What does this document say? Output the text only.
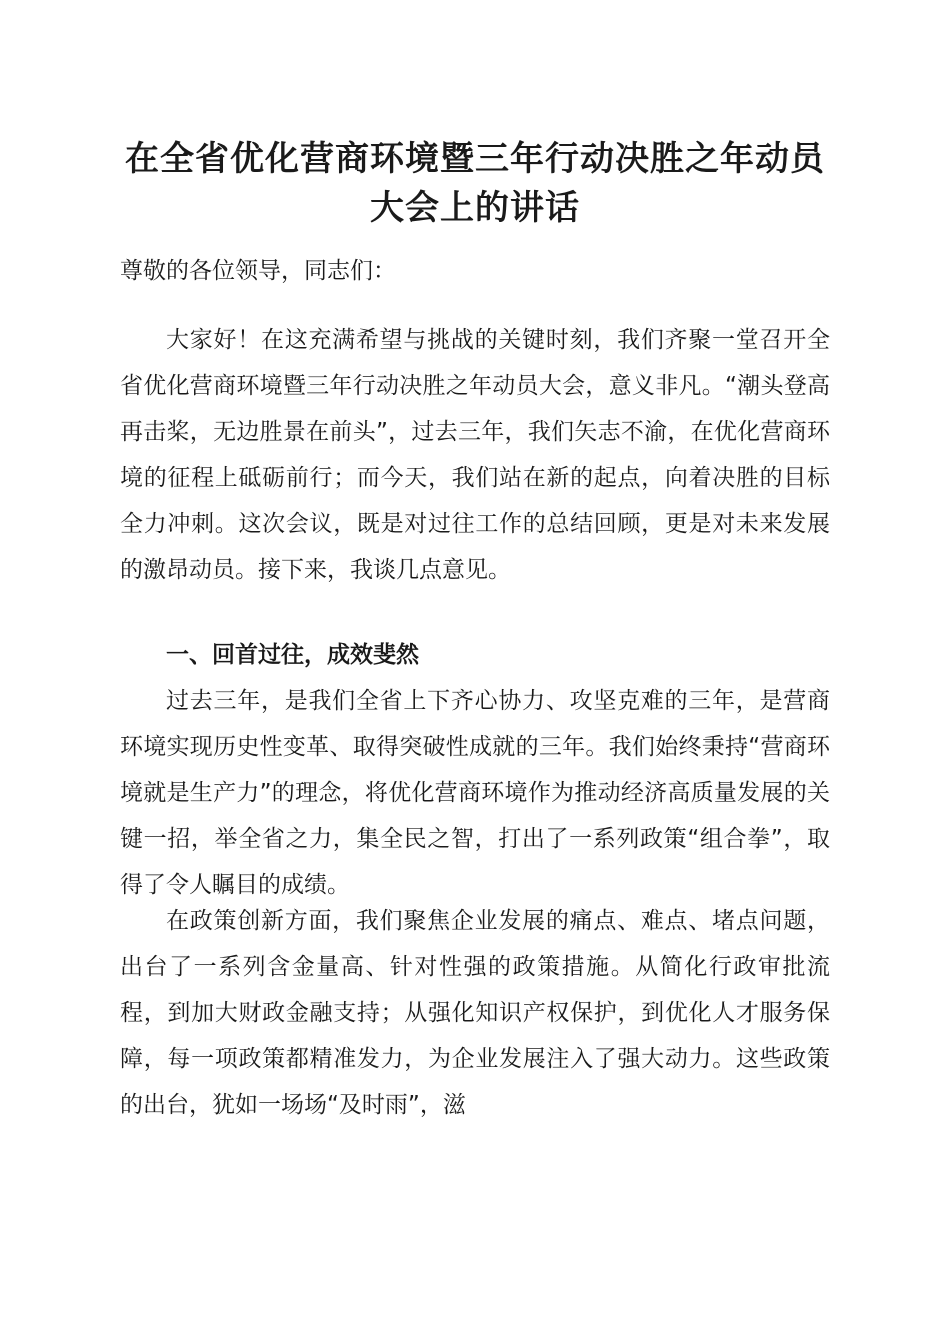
在全省优化营商环境暨三年行动决胜之年动员
大会上的讲话

尊敬的各位领导，同志们：

大家好！在这充满希望与挑战的关键时刻，我们齐聚一堂召开全省优化营商环境暨三年行动决胜之年动员大会，意义非凡。“潮头登高再击桨，无边胜景在前头”，过去三年，我们矢志不渝，在优化营商环境的征程上砥砺前行；而今天，我们站在新的起点，向着决胜的目标全力冲刺。这次会议，既是对过往工作的总结回顾，更是对未来发展的激昂动员。接下来，我谈几点意见。

一、回首过往，成效斐然

过去三年，是我们全省上下齐心协力、攻坚克难的三年，是营商环境实现历史性变革、取得突破性成就的三年。我们始终秉持“营商环境就是生产力”的理念，将优化营商环境作为推动经济高质量发展的关键一招，举全省之力，集全民之智，打出了一系列政策“组合拳”，取得了令人瞩目的成绩。

在政策创新方面，我们聚焦企业发展的痛点、难点、堵点问题，出台了一系列含金量高、针对性强的政策措施。从简化行政审批流程，到加大财政金融支持；从强化知识产权保护，到优化人才服务保障，每一项政策都精准发力，为企业发展注入了强大动力。这些政策的出台，犹如一场场“及时雨”，滋
